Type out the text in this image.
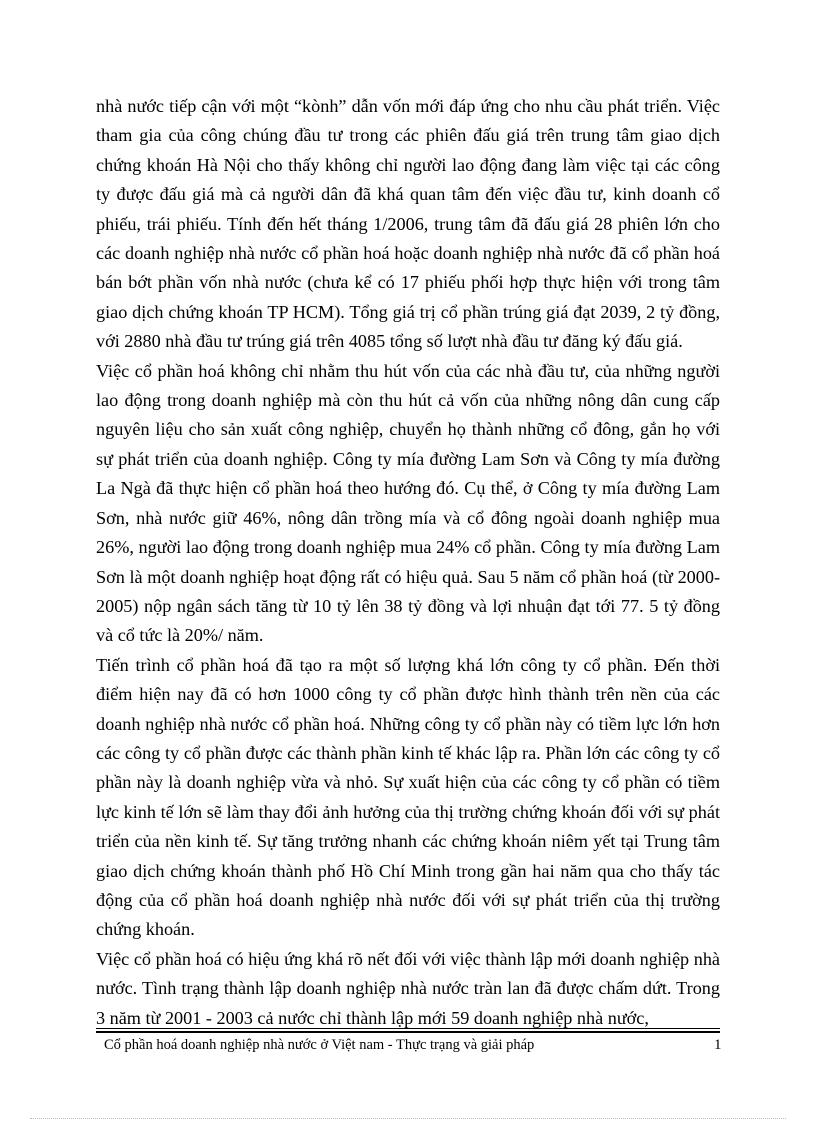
nhà nước tiếp cận với một “kònh” dẫn vốn mới đáp ứng cho nhu cầu phát triển. Việc tham gia của công chúng đầu tư trong các phiên đấu giá trên trung tâm giao dịch chứng khoán Hà Nội cho thấy không chỉ người lao động đang làm việc tại các công ty được đấu giá mà cả người dân đã khá quan tâm đến việc đầu tư, kinh doanh cổ phiếu, trái phiếu. Tính đến hết tháng 1/2006, trung tâm đã đấu giá 28 phiên lớn cho các doanh nghiệp nhà nước cổ phần hoá hoặc doanh nghiệp nhà nước đã cổ phần hoá bán bớt phần vốn nhà nước (chưa kể có 17 phiếu phối hợp thực hiện với trong tâm giao dịch chứng khoán TP HCM). Tổng giá trị cổ phần trúng giá đạt 2039, 2 tỷ đồng, với 2880 nhà đầu tư trúng giá trên 4085 tổng số lượt nhà đầu tư đăng ký đấu giá.

Việc cổ phần hoá không chỉ nhằm thu hút vốn của các nhà đầu tư, của những người lao động trong doanh nghiệp mà còn thu hút cả vốn của những nông dân cung cấp nguyên liệu cho sản xuất công nghiệp, chuyển họ thành những cổ đông, gắn họ với sự phát triển của doanh nghiệp. Công ty mía đường Lam Sơn và Công ty mía đường La Ngà đã thực hiện cổ phần hoá theo hướng đó. Cụ thể, ở Công ty mía đường Lam Sơn, nhà nước giữ 46%, nông dân trồng mía và cổ đông ngoài doanh nghiệp mua 26%, người lao động trong doanh nghiệp mua 24% cổ phần. Công ty mía đường Lam Sơn là một doanh nghiệp hoạt động rất có hiệu quả. Sau 5 năm cổ phần hoá (từ 2000-2005) nộp ngân sách tăng từ 10 tỷ lên 38 tỷ đồng và lợi nhuận đạt tới 77. 5 tỷ đồng và cổ tức là 20%/ năm.

Tiến trình cổ phần hoá đã tạo ra một số lượng khá lớn công ty cổ phần. Đến thời điểm hiện nay đã có hơn 1000 công ty cổ phần được hình thành trên nền của các doanh nghiệp nhà nước cổ phần hoá. Những công ty cổ phần này có tiềm lực lớn hơn các công ty cổ phần được các thành phần kinh tế khác lập ra. Phần lớn các công ty cổ phần này là doanh nghiệp vừa và nhỏ. Sự xuất hiện của các công ty cổ phần có tiềm lực kinh tế lớn sẽ làm thay đổi ảnh hưởng của thị trường chứng khoán đối với sự phát triển của nền kinh tế. Sự tăng trưởng nhanh các chứng khoán niêm yết tại Trung tâm giao dịch chứng khoán thành phố Hồ Chí Minh trong gần hai năm qua cho thấy tác động của cổ phần hoá doanh nghiệp nhà nước đối với sự phát triển của thị trường chứng khoán.

Việc cổ phần hoá có hiệu ứng khá rõ nết đối với việc thành lập mới doanh nghiệp nhà nước. Tình trạng thành lập doanh nghiệp nhà nước tràn lan đã được chấm dứt. Trong 3 năm từ 2001 - 2003 cả nước chỉ thành lập mới 59 doanh nghiệp nhà nước,

Cổ phần hoá doanh nghiệp nhà nước ở Việt nam - Thực trạng và giải pháp	1
